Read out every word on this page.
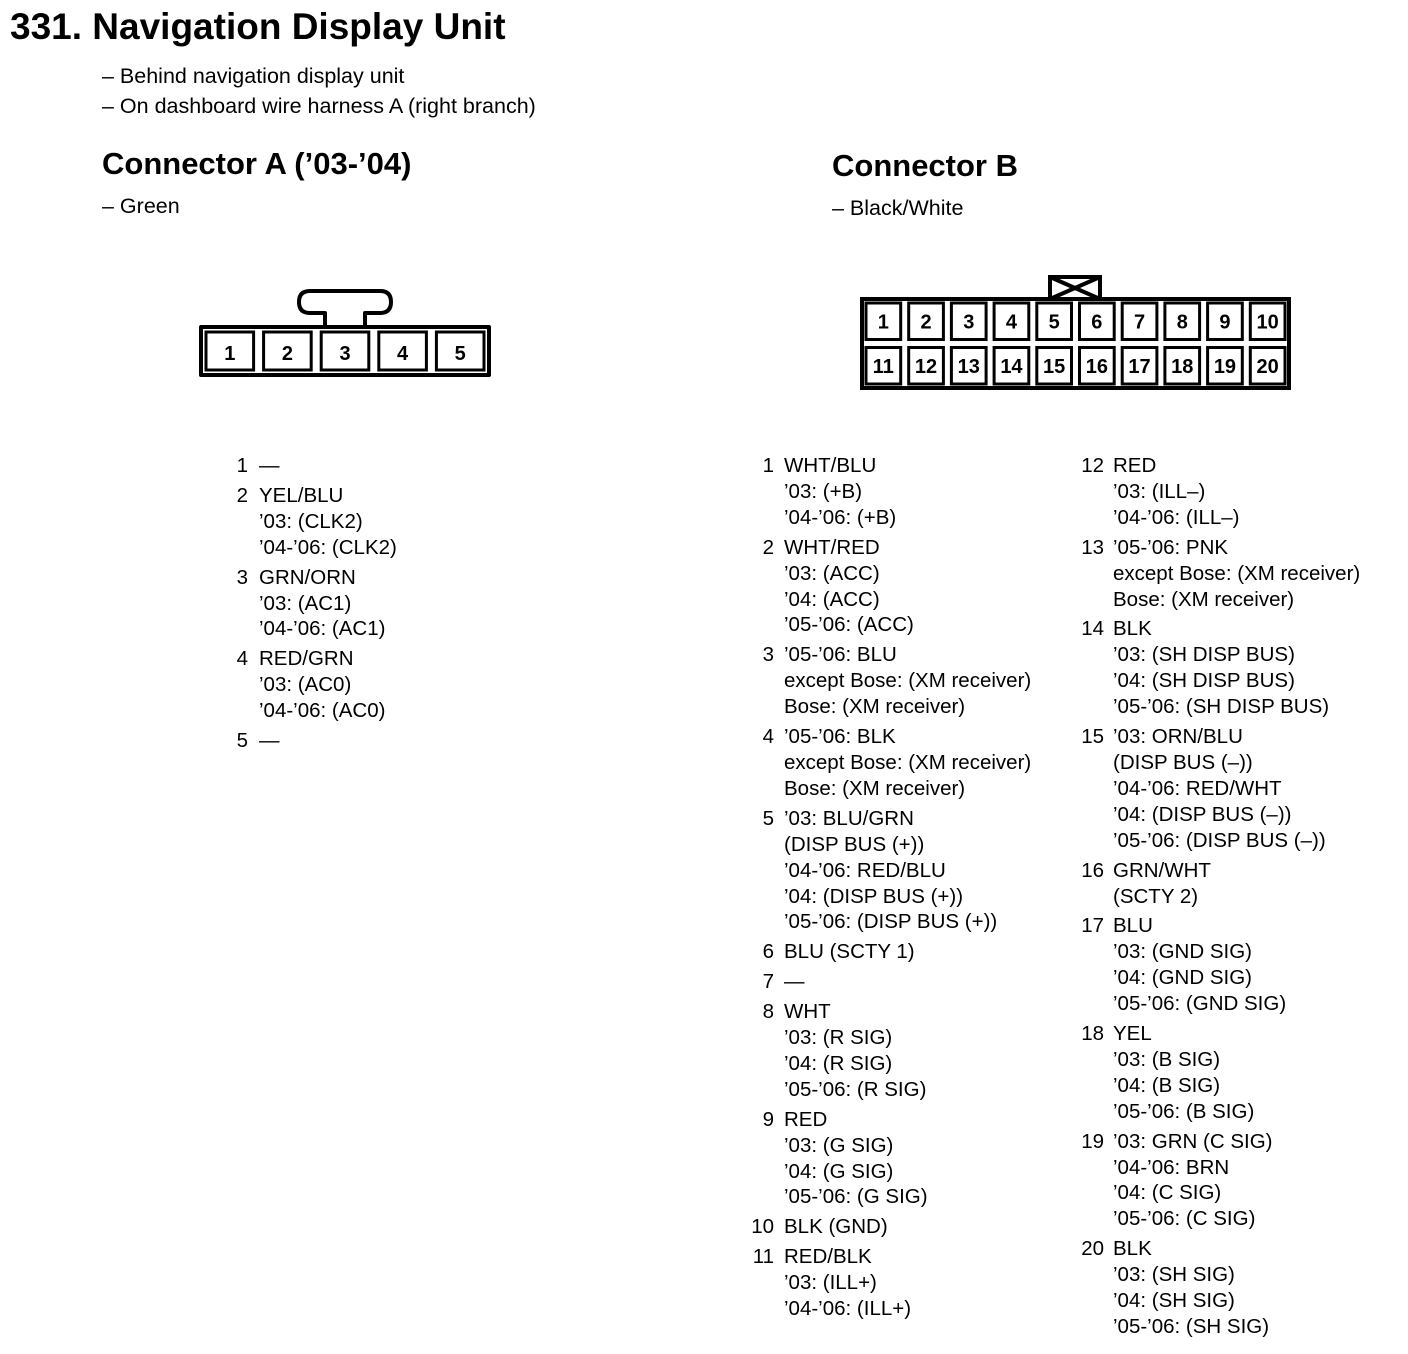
331. Navigation Display Unit
– Behind navigation display unit
– On dashboard wire harness A (right branch)
Connector A (’03-’04)
– Green
Connector B
– Black/White
1 2 3 4 5
1 2 3 4 5 6 7 8 9 10
11 12 13 14 15 16 17 18 19 20
1 —
2 YEL/BLU
’03: (CLK2)
’04-’06: (CLK2)
3 GRN/ORN
’03: (AC1)
’04-’06: (AC1)
4 RED/GRN
’03: (AC0)
’04-’06: (AC0)
5 —
1 WHT/BLU
’03: (+B)
’04-’06: (+B)
2 WHT/RED
’03: (ACC)
’04: (ACC)
’05-’06: (ACC)
3 ’05-’06: BLU
except Bose: (XM receiver)
Bose: (XM receiver)
4 ’05-’06: BLK
except Bose: (XM receiver)
Bose: (XM receiver)
5 ’03: BLU/GRN
(DISP BUS (+))
’04-’06: RED/BLU
’04: (DISP BUS (+))
’05-’06: (DISP BUS (+))
6 BLU (SCTY 1)
7 —
8 WHT
’03: (R SIG)
’04: (R SIG)
’05-’06: (R SIG)
9 RED
’03: (G SIG)
’04: (G SIG)
’05-’06: (G SIG)
10 BLK (GND)
11 RED/BLK
’03: (ILL+)
’04-’06: (ILL+)
12 RED
’03: (ILL–)
’04-’06: (ILL–)
13 ’05-’06: PNK
except Bose: (XM receiver)
Bose: (XM receiver)
14 BLK
’03: (SH DISP BUS)
’04: (SH DISP BUS)
’05-’06: (SH DISP BUS)
15 ’03: ORN/BLU
(DISP BUS (–))
’04-’06: RED/WHT
’04: (DISP BUS (–))
’05-’06: (DISP BUS (–))
16 GRN/WHT
(SCTY 2)
17 BLU
’03: (GND SIG)
’04: (GND SIG)
’05-’06: (GND SIG)
18 YEL
’03: (B SIG)
’04: (B SIG)
’05-’06: (B SIG)
19 ’03: GRN (C SIG)
’04-’06: BRN
’04: (C SIG)
’05-’06: (C SIG)
20 BLK
’03: (SH SIG)
’04: (SH SIG)
’05-’06: (SH SIG)
